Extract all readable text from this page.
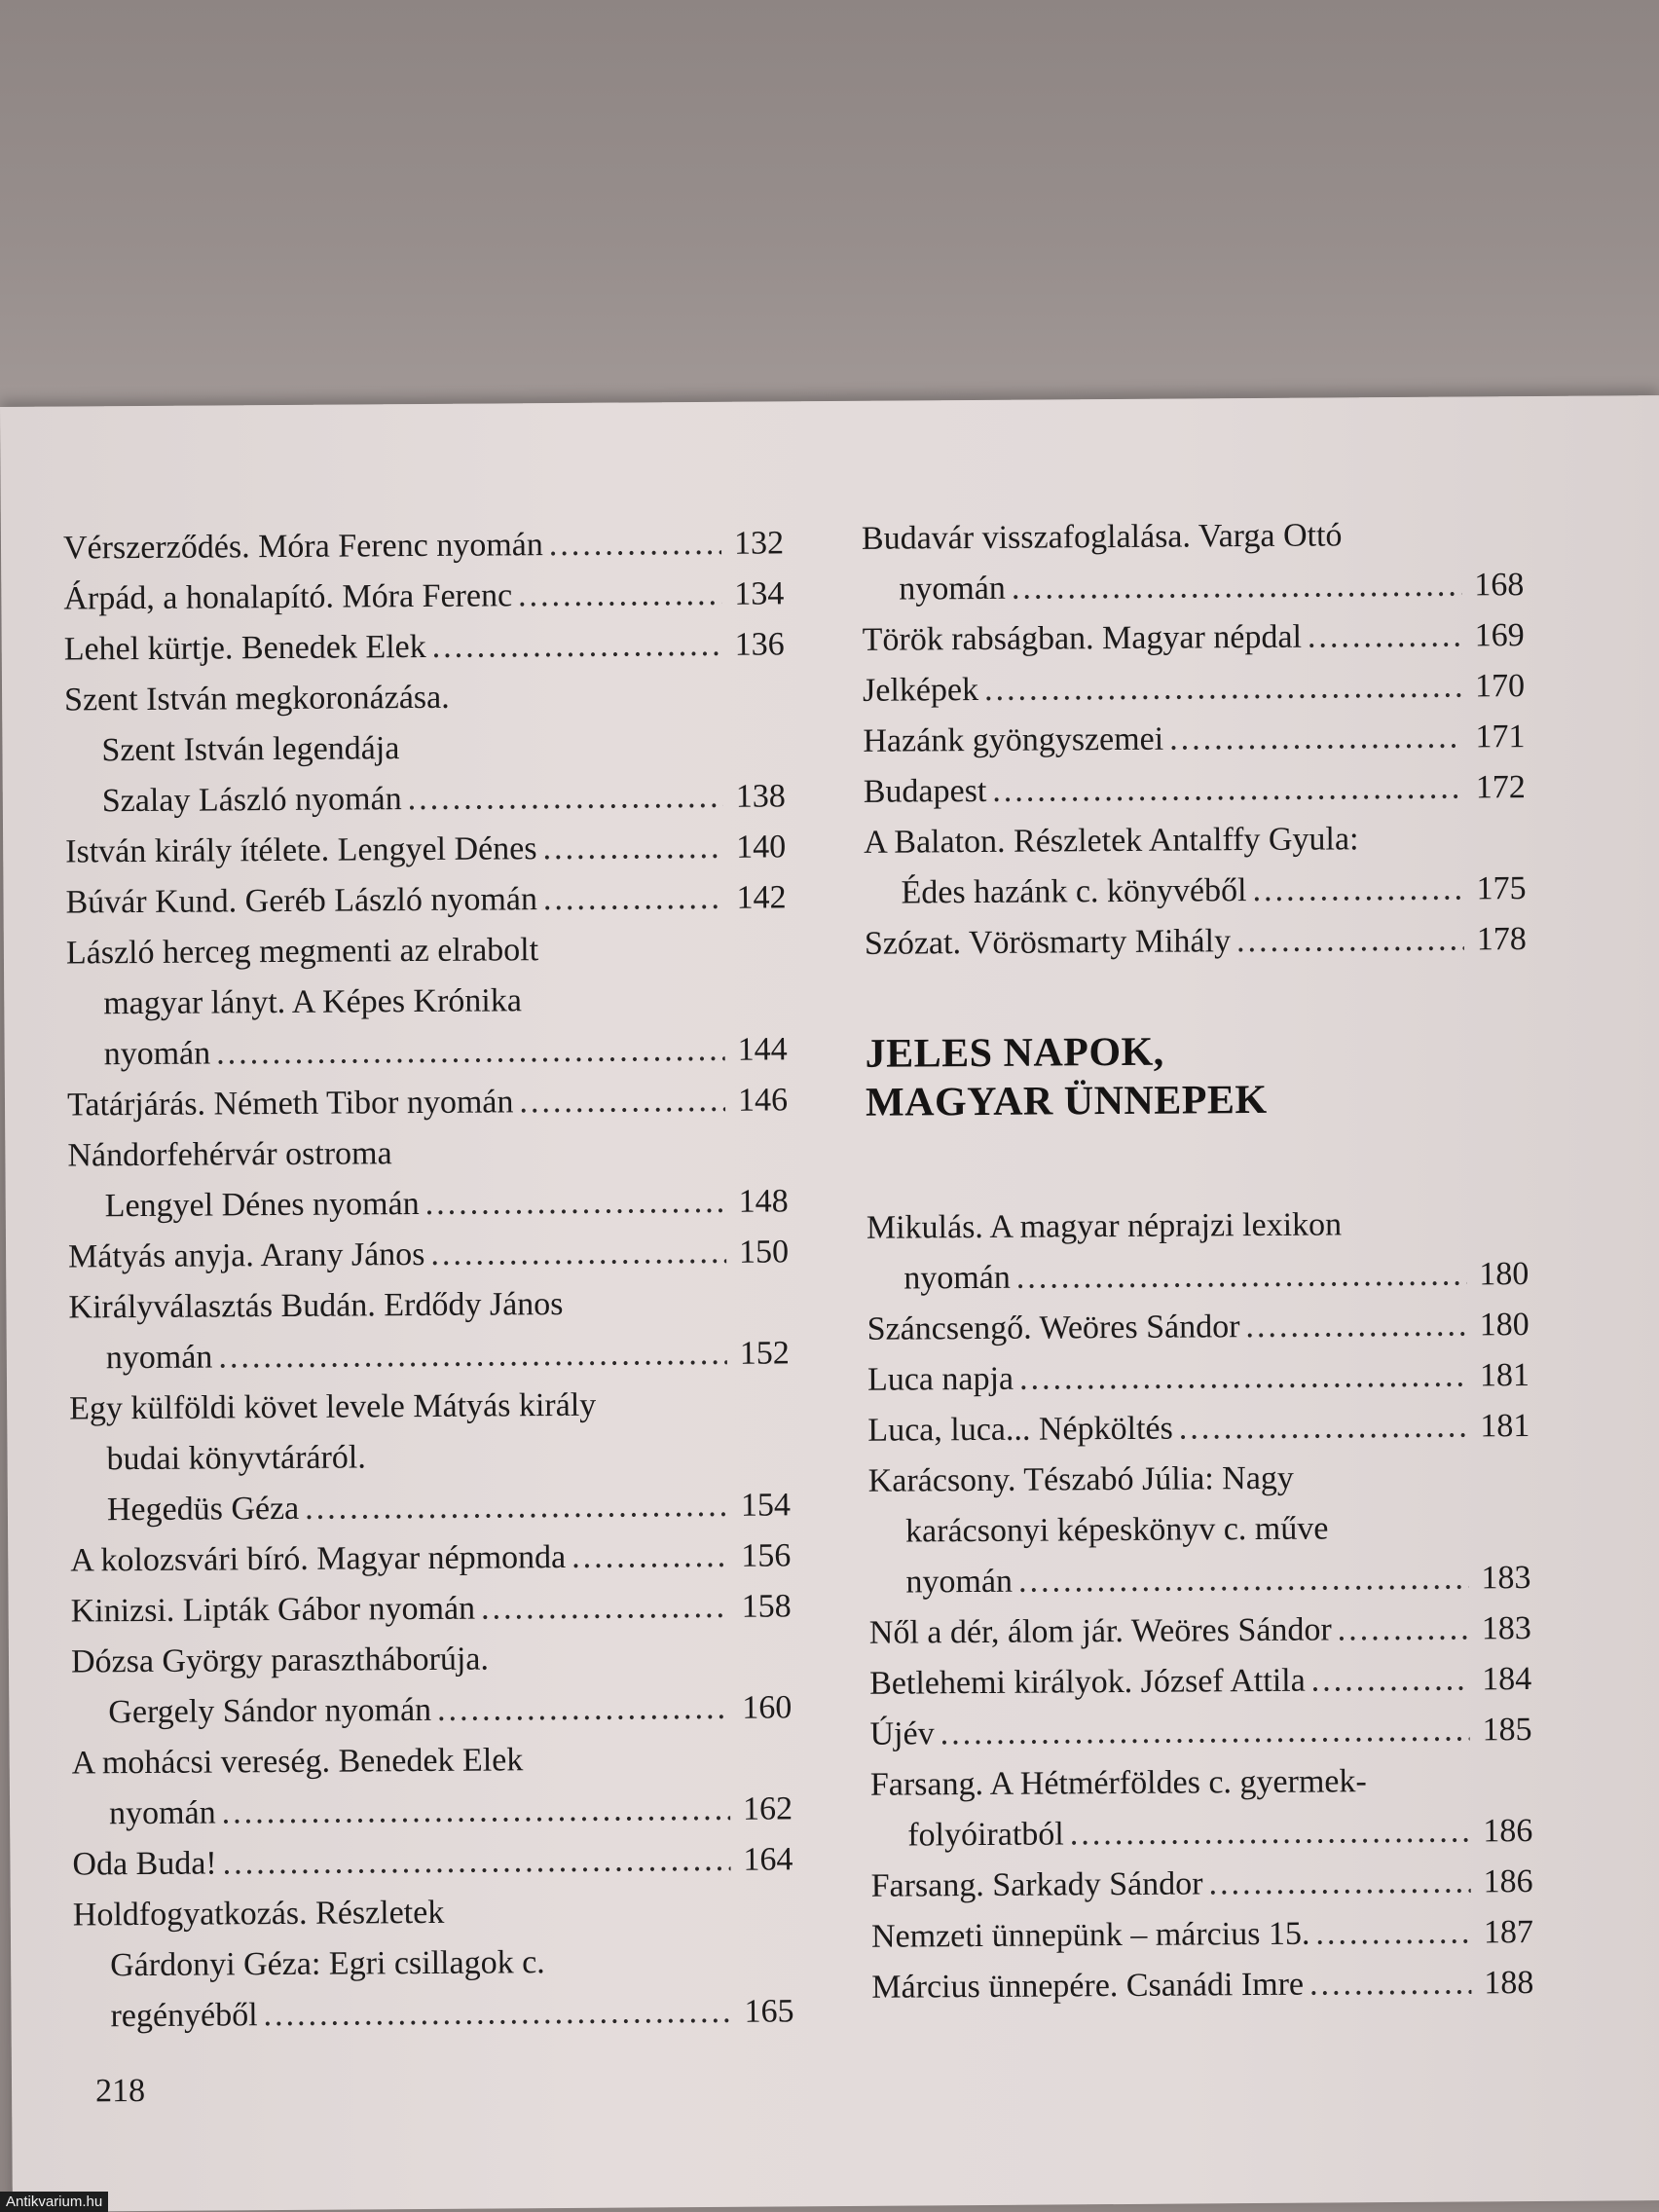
Vérszerződés. Móra Ferenc nyomán .....	132
Árpád, a honalapító. Móra Ferenc .....	134
Lehel kürtje. Benedek Elek .....	136
Szent István megkoronázása.
Szent István legendája
Szalay László nyomán .....	138
István király ítélete. Lengyel Dénes .....	140
Búvár Kund. Geréb László nyomán .....	142
László herceg megmenti az elrabolt
magyar lányt. A Képes Krónika
nyomán .....	144
Tatárjárás. Németh Tibor nyomán .....	146
Nándorfehérvár ostroma
Lengyel Dénes nyomán .....	148
Mátyás anyja. Arany János .....	150
Királyválasztás Budán. Erdődy János
nyomán .....	152
Egy külföldi követ levele Mátyás király
budai könyvtáráról.
Hegedüs Géza .....	154
A kolozsvári bíró. Magyar népmonda .....	156
Kinizsi. Lipták Gábor nyomán .....	158
Dózsa György parasztháborúja.
Gergely Sándor nyomán .....	160
A mohácsi vereség. Benedek Elek
nyomán .....	162
Oda Buda! .....	164
Holdfogyatkozás. Részletek
Gárdonyi Géza: Egri csillagok c.
regényéből .....	165
Budavár visszafoglalása. Varga Ottó
nyomán .....	168
Török rabságban. Magyar népdal .....	169
Jelképek .....	170
Hazánk gyöngyszemei .....	171
Budapest .....	172
A Balaton. Részletek Antalffy Gyula:
Édes hazánk c. könyvéből .....	175
Szózat. Vörösmarty Mihály .....	178
JELES NAPOK,
MAGYAR ÜNNEPEK
Mikulás. A magyar néprajzi lexikon
nyomán .....	180
Száncsengő. Weöres Sándor .....	180
Luca napja .....	181
Luca, luca... Népköltés .....	181
Karácsony. Tészabó Júlia: Nagy
karácsonyi képeskönyv c. műve
nyomán .....	183
Nől a dér, álom jár. Weöres Sándor .....	183
Betlehemi királyok. József Attila .....	184
Újév .....	185
Farsang. A Hétmérföldes c. gyermek-
folyóiratból .....	186
Farsang. Sarkady Sándor .....	186
Nemzeti ünnepünk – március 15. .....	187
Március ünnepére. Csanádi Imre .....	188
218
Antikvarium.hu
